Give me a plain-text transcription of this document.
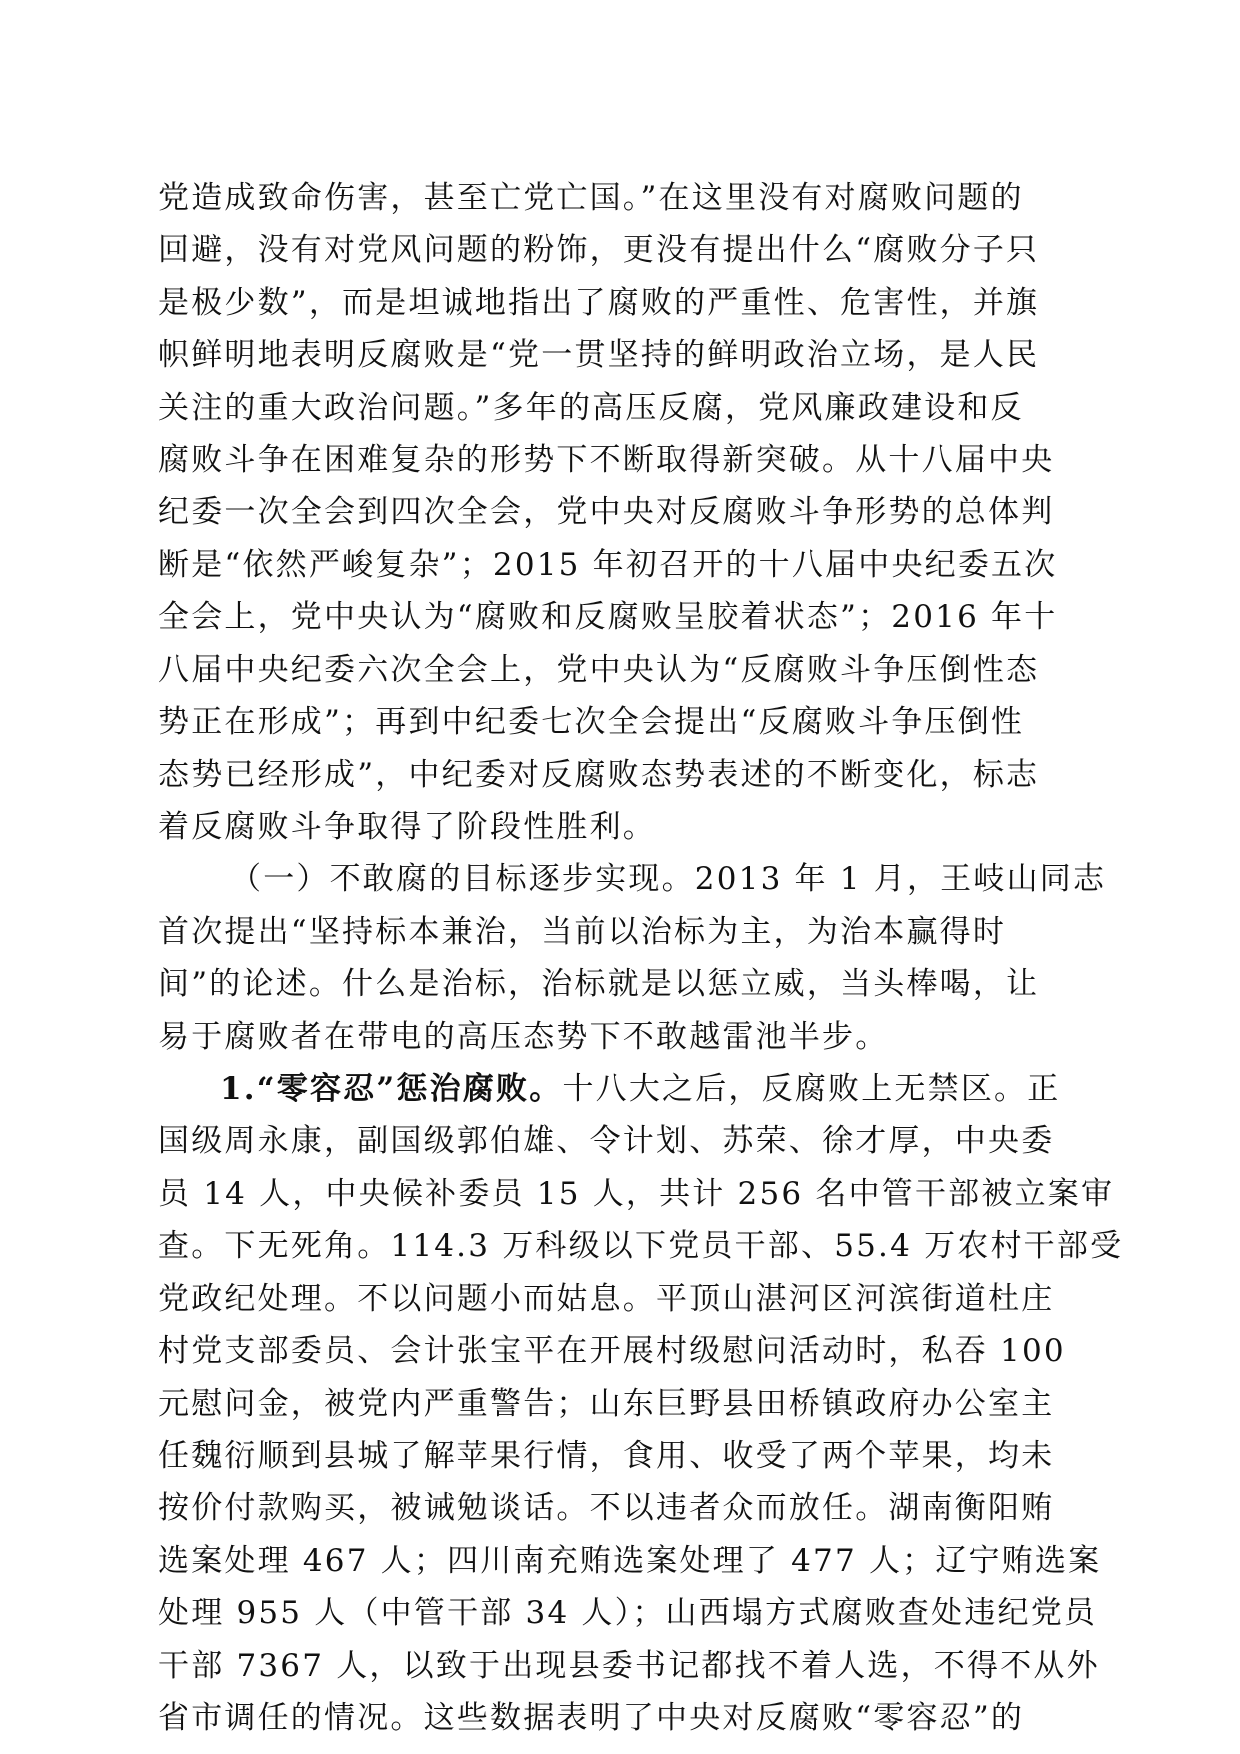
党造成致命伤害，甚至亡党亡国。”在这里没有对腐败问题的
回避，没有对党风问题的粉饰，更没有提出什么“腐败分子只
是极少数”，而是坦诚地指出了腐败的严重性、危害性，并旗
帜鲜明地表明反腐败是“党一贯坚持的鲜明政治立场，是人民
关注的重大政治问题。”多年的高压反腐，党风廉政建设和反
腐败斗争在困难复杂的形势下不断取得新突破。从十八届中央
纪委一次全会到四次全会，党中央对反腐败斗争形势的总体判
断是“依然严峻复杂”；2015 年初召开的十八届中央纪委五次
全会上，党中央认为“腐败和反腐败呈胶着状态”；2016 年十
八届中央纪委六次全会上，党中央认为“反腐败斗争压倒性态
势正在形成”；再到中纪委七次全会提出“反腐败斗争压倒性
态势已经形成”，中纪委对反腐败态势表述的不断变化，标志
着反腐败斗争取得了阶段性胜利。
（一）不敢腐的目标逐步实现。2013 年 1 月，王岐山同志
首次提出“坚持标本兼治，当前以治标为主，为治本赢得时
间”的论述。什么是治标，治标就是以惩立威，当头棒喝，让
易于腐败者在带电的高压态势下不敢越雷池半步。
1.“零容忍”惩治腐败。十八大之后，反腐败上无禁区。正
国级周永康，副国级郭伯雄、令计划、苏荣、徐才厚，中央委
员 14 人，中央候补委员 15 人，共计 256 名中管干部被立案审
查。下无死角。114.3 万科级以下党员干部、55.4 万农村干部受
党政纪处理。不以问题小而姑息。平顶山湛河区河滨街道杜庄
村党支部委员、会计张宝平在开展村级慰问活动时，私吞 100
元慰问金，被党内严重警告；山东巨野县田桥镇政府办公室主
任魏衍顺到县城了解苹果行情，食用、收受了两个苹果，均未
按价付款购买，被诫勉谈话。不以违者众而放任。湖南衡阳贿
选案处理 467 人；四川南充贿选案处理了 477 人；辽宁贿选案
处理 955 人（中管干部 34 人）；山西塌方式腐败查处违纪党员
干部 7367 人，以致于出现县委书记都找不着人选，不得不从外
省市调任的情况。这些数据表明了中央对反腐败“零容忍”的
